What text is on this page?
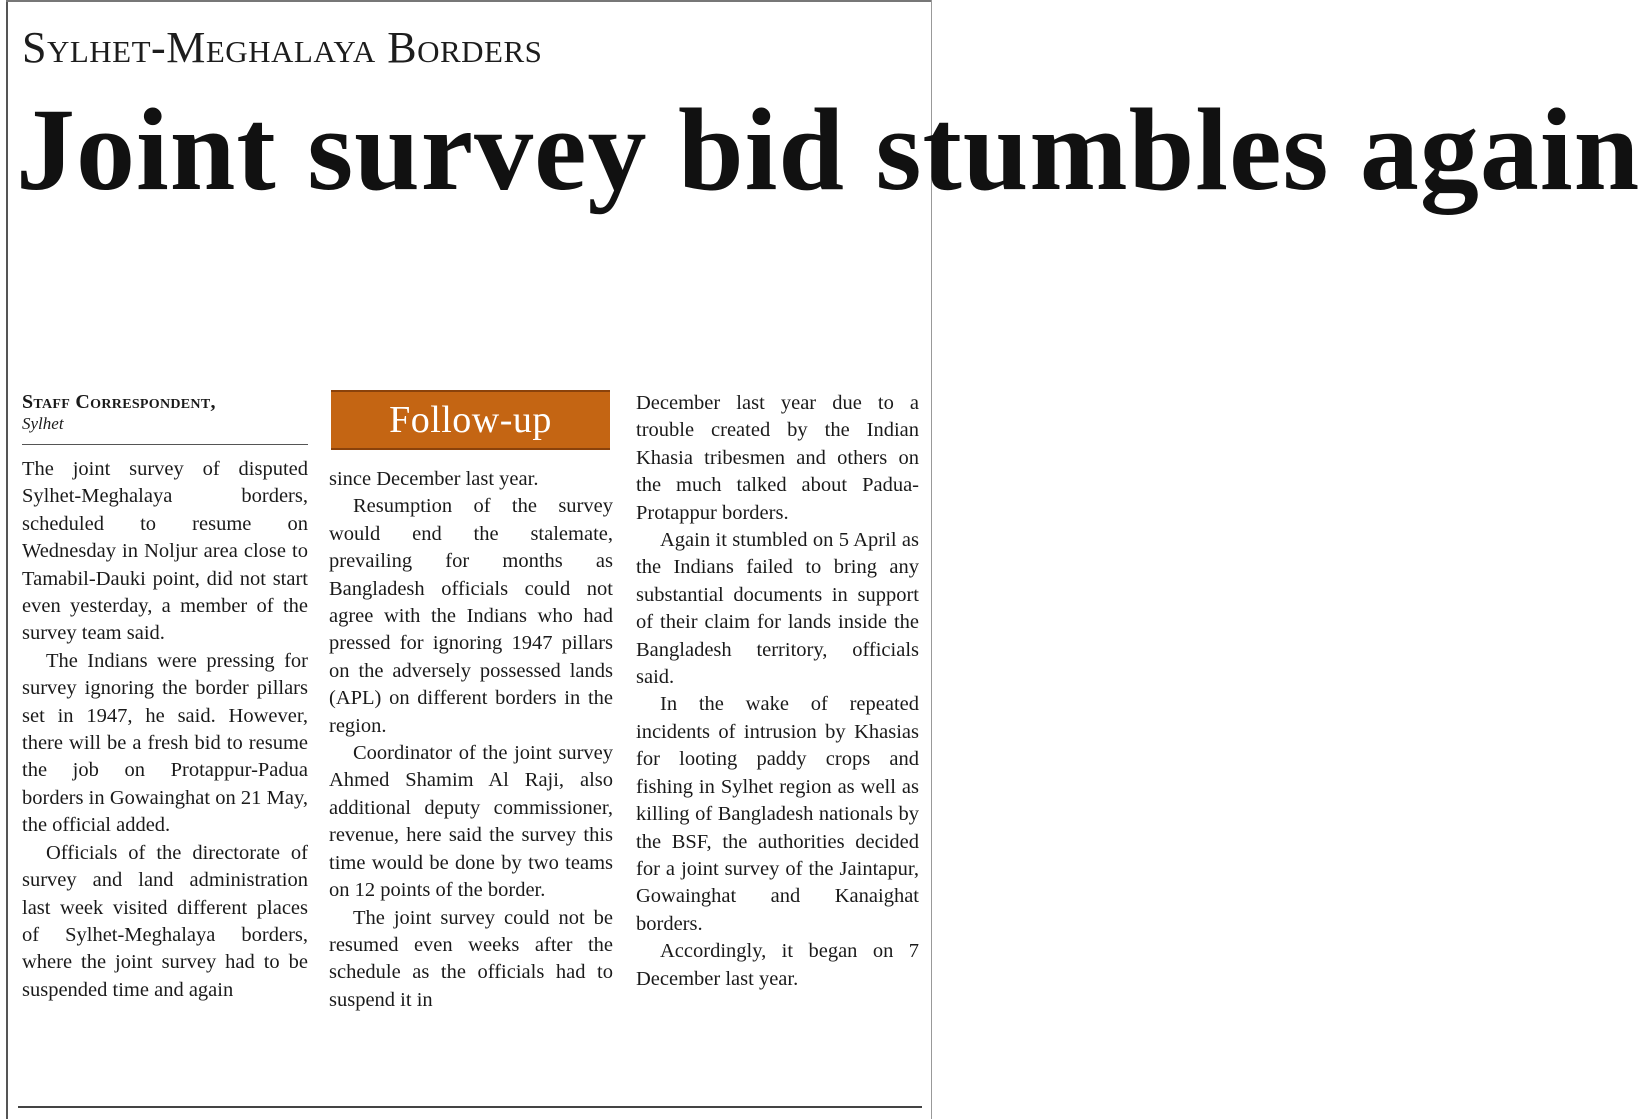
Sylhet-Meghalaya Borders
Joint survey bid stumbles again
Staff Correspondent,
Sylhet	Follow-up

The joint survey of disputed Sylhet-Meghalaya borders, scheduled to resume on Wednesday in Noljur area close to Tamabil-Dauki point, did not start even yesterday, a member of the survey team said.

The Indians were pressing for survey ignoring the border pillars set in 1947, he said. However, there will be a fresh bid to resume the job on Protappur-Padua borders in Gowainghat on 21 May, the official added.

Officials of the directorate of survey and land administration last week visited different places of Sylhet-Meghalaya borders, where the joint survey had to be suspended time and again

since December last year.

Resumption of the survey would end the stalemate, prevailing for months as Bangladesh officials could not agree with the Indians who had pressed for ignoring 1947 pillars on the adversely possessed lands (APL) on different borders in the region.

Coordinator of the joint survey Ahmed Shamim Al Raji, also additional deputy commissioner, revenue, here said the survey this time would be done by two teams on 12 points of the border.

The joint survey could not be resumed even weeks after the schedule as the officials had to suspend it in

December last year due to a trouble created by the Indian Khasia tribesmen and others on the much talked about Padua-Protappur borders.

Again it stumbled on 5 April as the Indians failed to bring any substantial documents in support of their claim for lands inside the Bangladesh territory, officials said.

In the wake of repeated incidents of intrusion by Khasias for looting paddy crops and fishing in Sylhet region as well as killing of Bangladesh nationals by the BSF, the authorities decided for a joint survey of the Jaintapur, Gowainghat and Kanaighat borders.

Accordingly, it began on 7 December last year.
